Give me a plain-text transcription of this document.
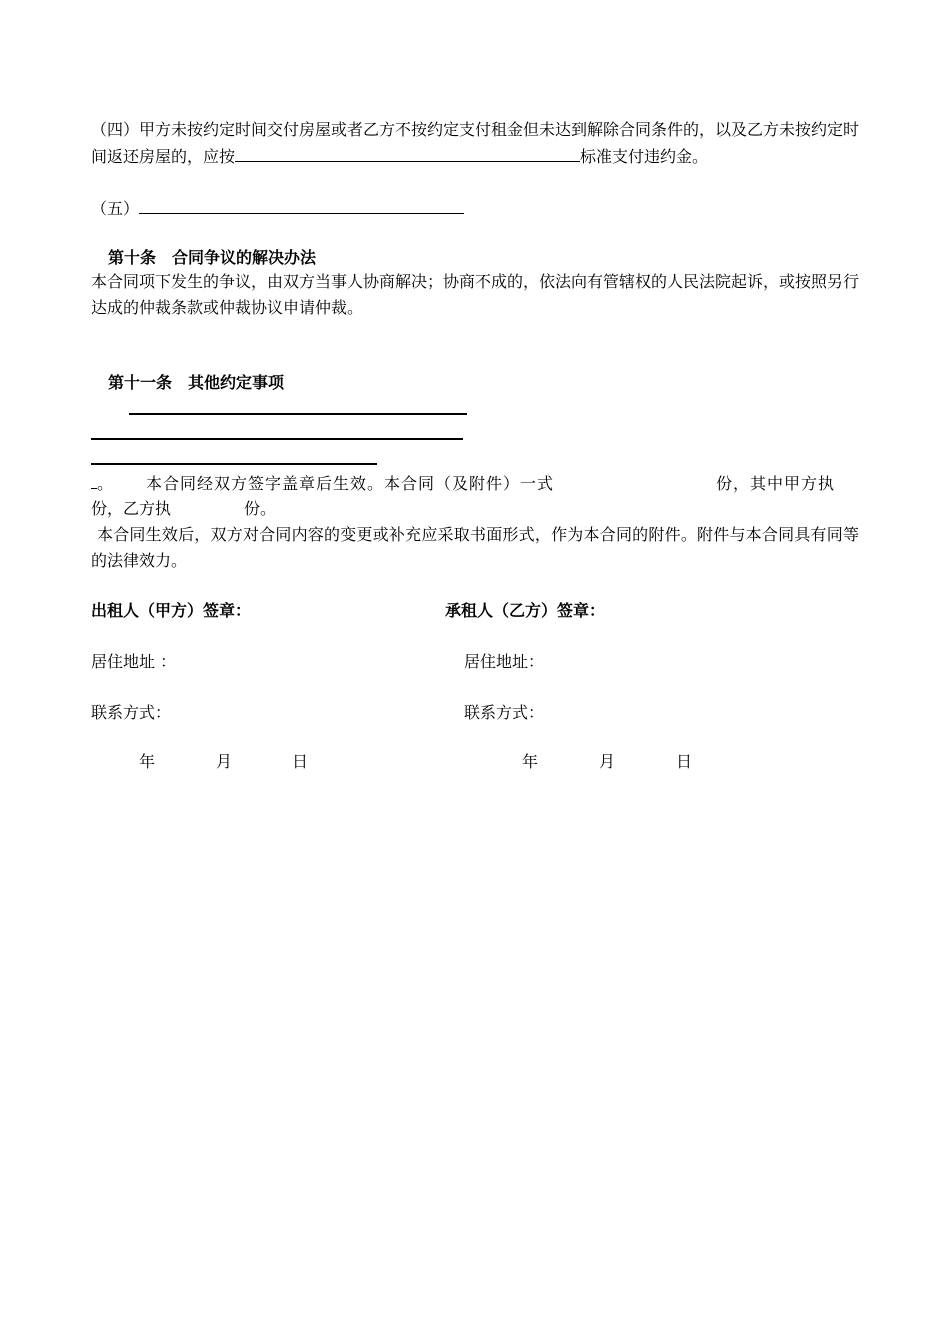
（四）甲方未按约定时间交付房屋或者乙方不按约定支付租金但未达到解除合同条件的，以及乙方未按约定时间返还房屋的，应按	标准支付违约金。
（五）
第十条　合同争议的解决办法
本合同项下发生的争议，由双方当事人协商解决；协商不成的，依法向有管辖权的人民法院起诉，或按照另行达成的仲裁条款或仲裁协议申请仲裁。
第十一条　其他约定事项
。 本合同经双方签字盖章后生效。本合同（及附件）一式	份，其中甲方执
份，乙方执	份。
本合同生效后，双方对合同内容的变更或补充应采取书面形式，作为本合同的附件。附件与本合同具有同等的法律效力。
出租人（甲方）签章：	承租人（乙方）签章：
居住地址 ：	居住地址：
联系方式：	联系方式：
年	月	日	年	月	日
